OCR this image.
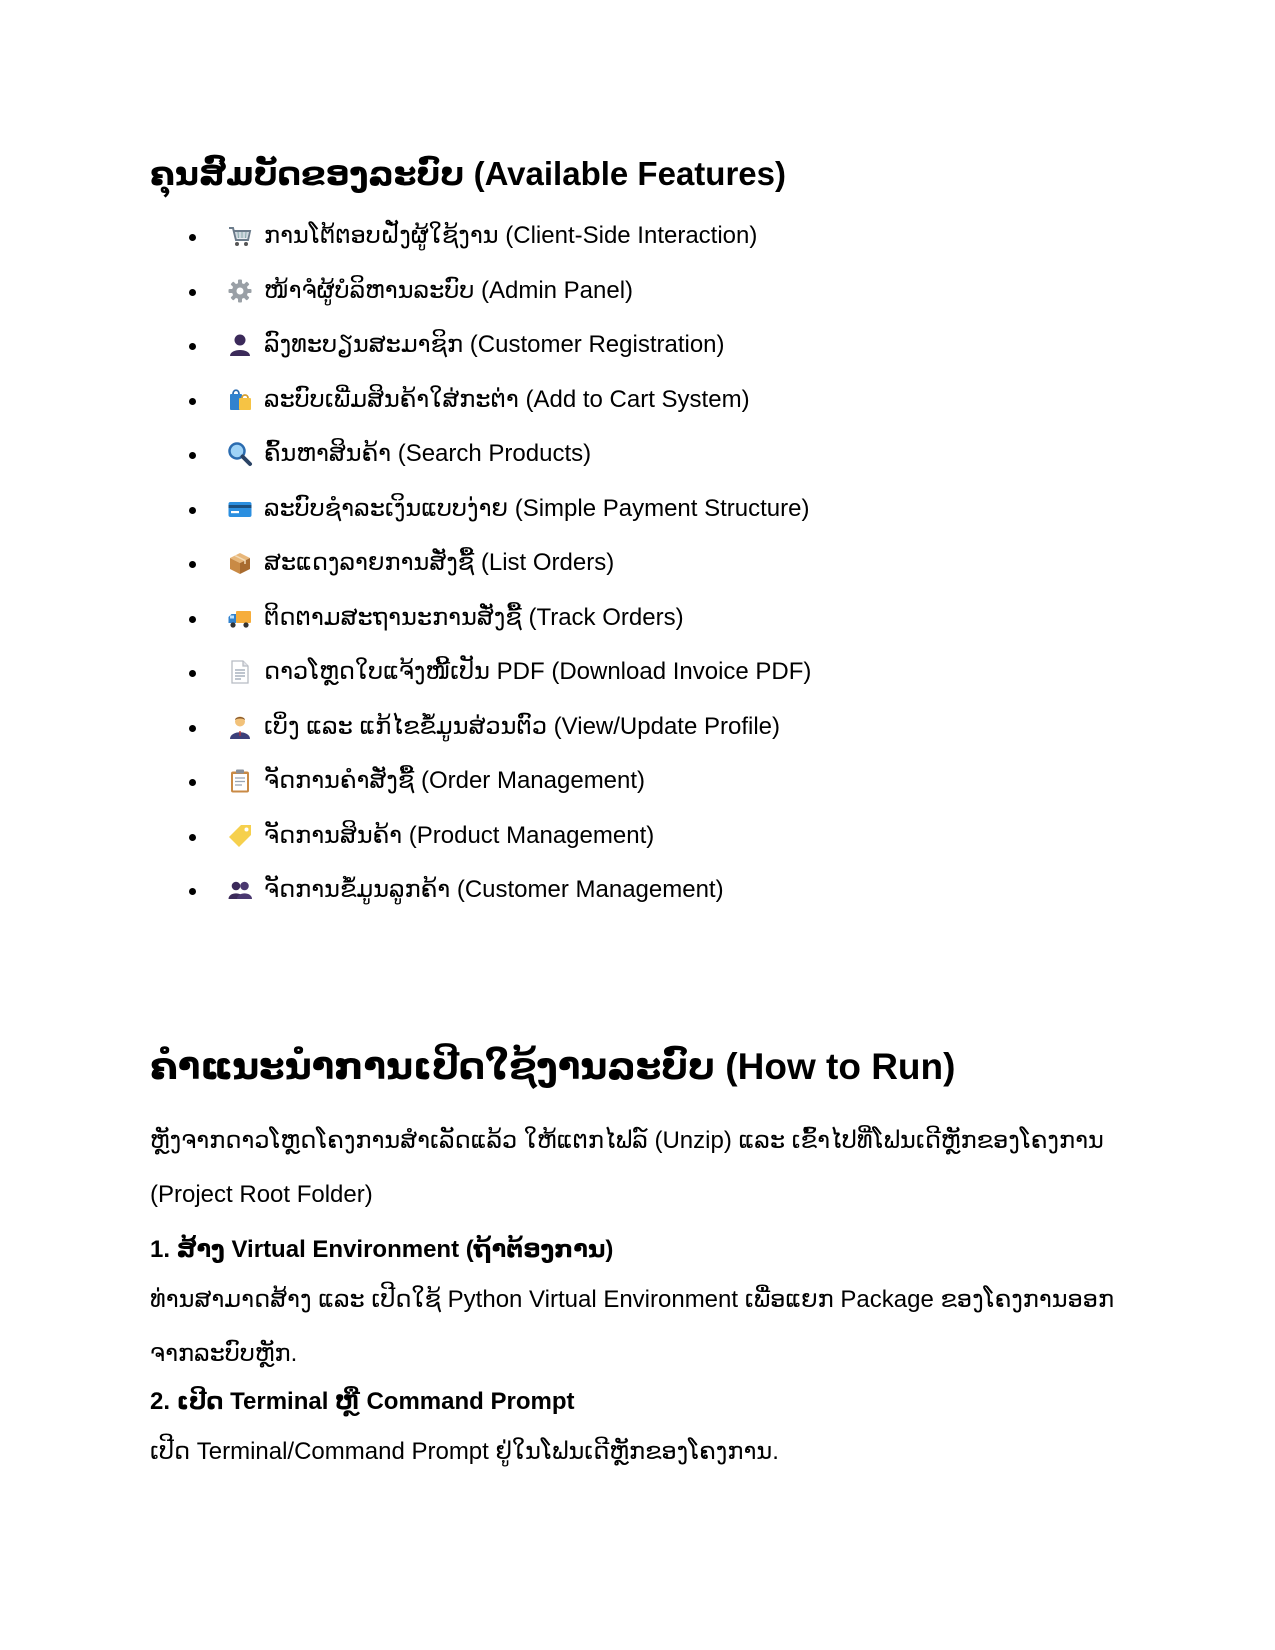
ຄຸນສົມບັດຂອງລະບົບ (Available Features)
ການໂຕ້ຕອບຝັ່ງຜູ້ໃຊ້ງານ (Client-Side Interaction)
ໜ້າຈໍຜູ້ບໍລິຫານລະບົບ (Admin Panel)
ລົງທະບຽນສະມາຊິກ (Customer Registration)
ລະບົບເພີ່ມສິນຄ້າໃສ່ກະຕ່າ (Add to Cart System)
ຄົ້ນຫາສິນຄ້າ (Search Products)
ລະບົບຊຳລະເງິນແບບງ່າຍ (Simple Payment Structure)
ສະແດງລາຍການສັ່ງຊື້ (List Orders)
ຕິດຕາມສະຖານະການສັ່ງຊື້ (Track Orders)
ດາວໂຫຼດໃບແຈ້ງໜີ້ເປັນ PDF (Download Invoice PDF)
ເບິ່ງ ແລະ ແກ້ໄຂຂໍ້ມູນສ່ວນຕົວ (View/Update Profile)
ຈັດການຄຳສັ່ງຊື້ (Order Management)
ຈັດການສິນຄ້າ (Product Management)
ຈັດການຂໍ້ມູນລູກຄ້າ (Customer Management)
ຄຳແນະນຳການເປີດໃຊ້ງານລະບົບ (How to Run)

ຫຼັງຈາກດາວໂຫຼດໂຄງການສຳເລັດແລ້ວ ໃຫ້ແຕກໄຟລ໌ (Unzip) ແລະ ເຂົ້າໄປທີ່ໂຟນເດີຫຼັກຂອງໂຄງການ (Project Root Folder)

1. ສ້າງ Virtual Environment (ຖ້າຕ້ອງການ)

ທ່ານສາມາດສ້າງ ແລະ ເປີດໃຊ້ Python Virtual Environment ເພື່ອແຍກ Package ຂອງໂຄງການອອກຈາກລະບົບຫຼັກ.

2. ເປີດ Terminal ຫຼື Command Prompt

ເປີດ Terminal/Command Prompt ຢູ່ໃນໂຟນເດີຫຼັກຂອງໂຄງການ.
